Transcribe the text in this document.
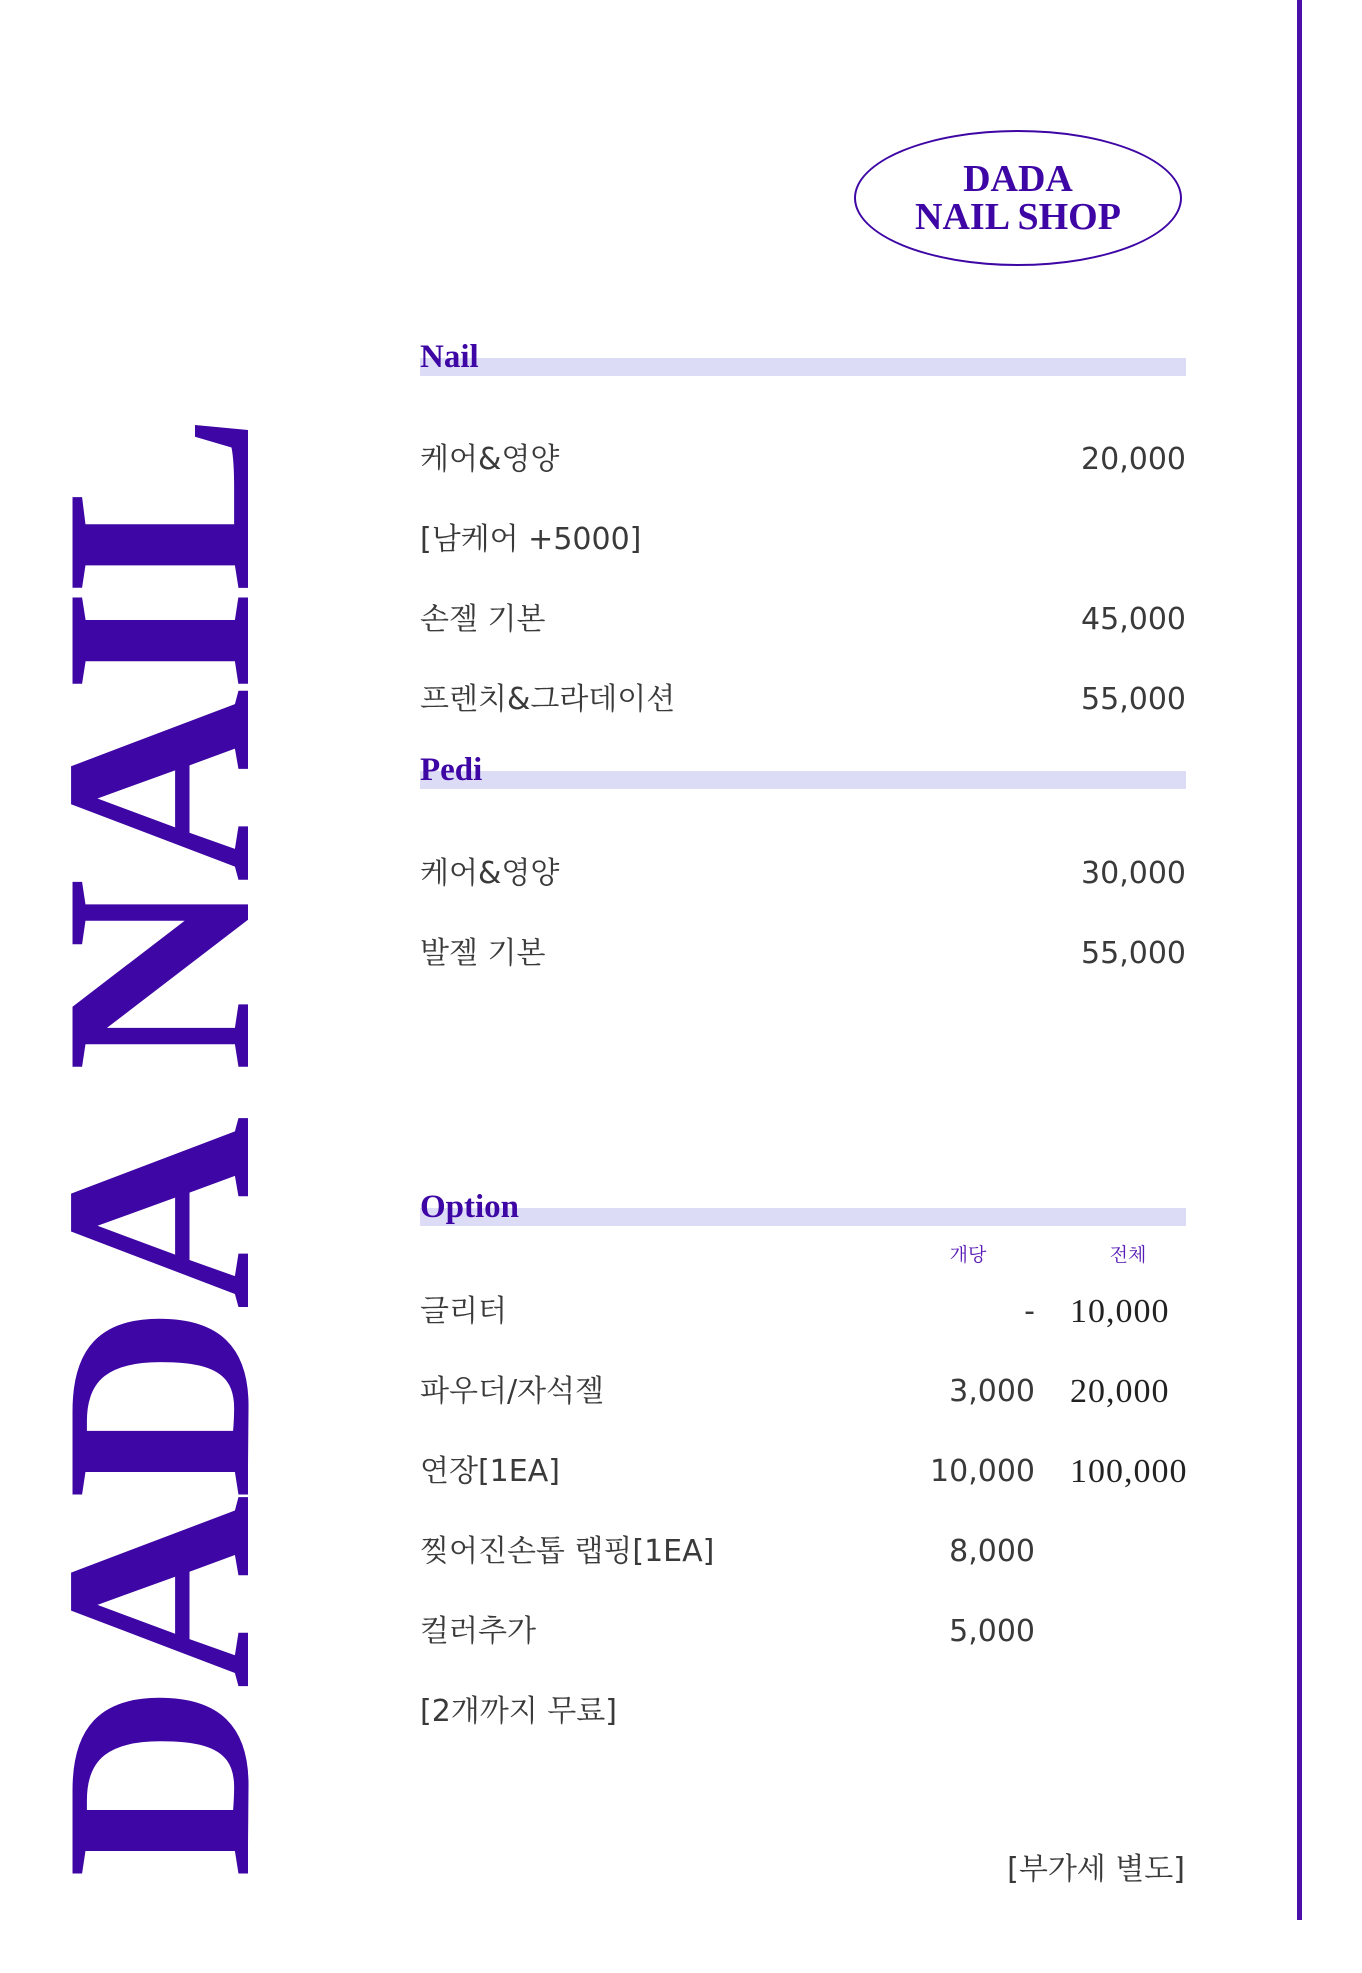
DADA NAIL
DADA
NAIL SHOP
Nail
케어&영양	20,000
[남케어 +5000]
손젤 기본	45,000
프렌치&그라데이션	55,000
Pedi
케어&영양	30,000
발젤 기본	55,000
Option
개당	전체
글리터	- 10,000
파우더/자석젤	3,000 20,000
연장[1EA]	10,000 100,000
찢어진손톱 랩핑[1EA]	8,000
컬러추가	5,000
[2개까지 무료]
[부가세 별도]
